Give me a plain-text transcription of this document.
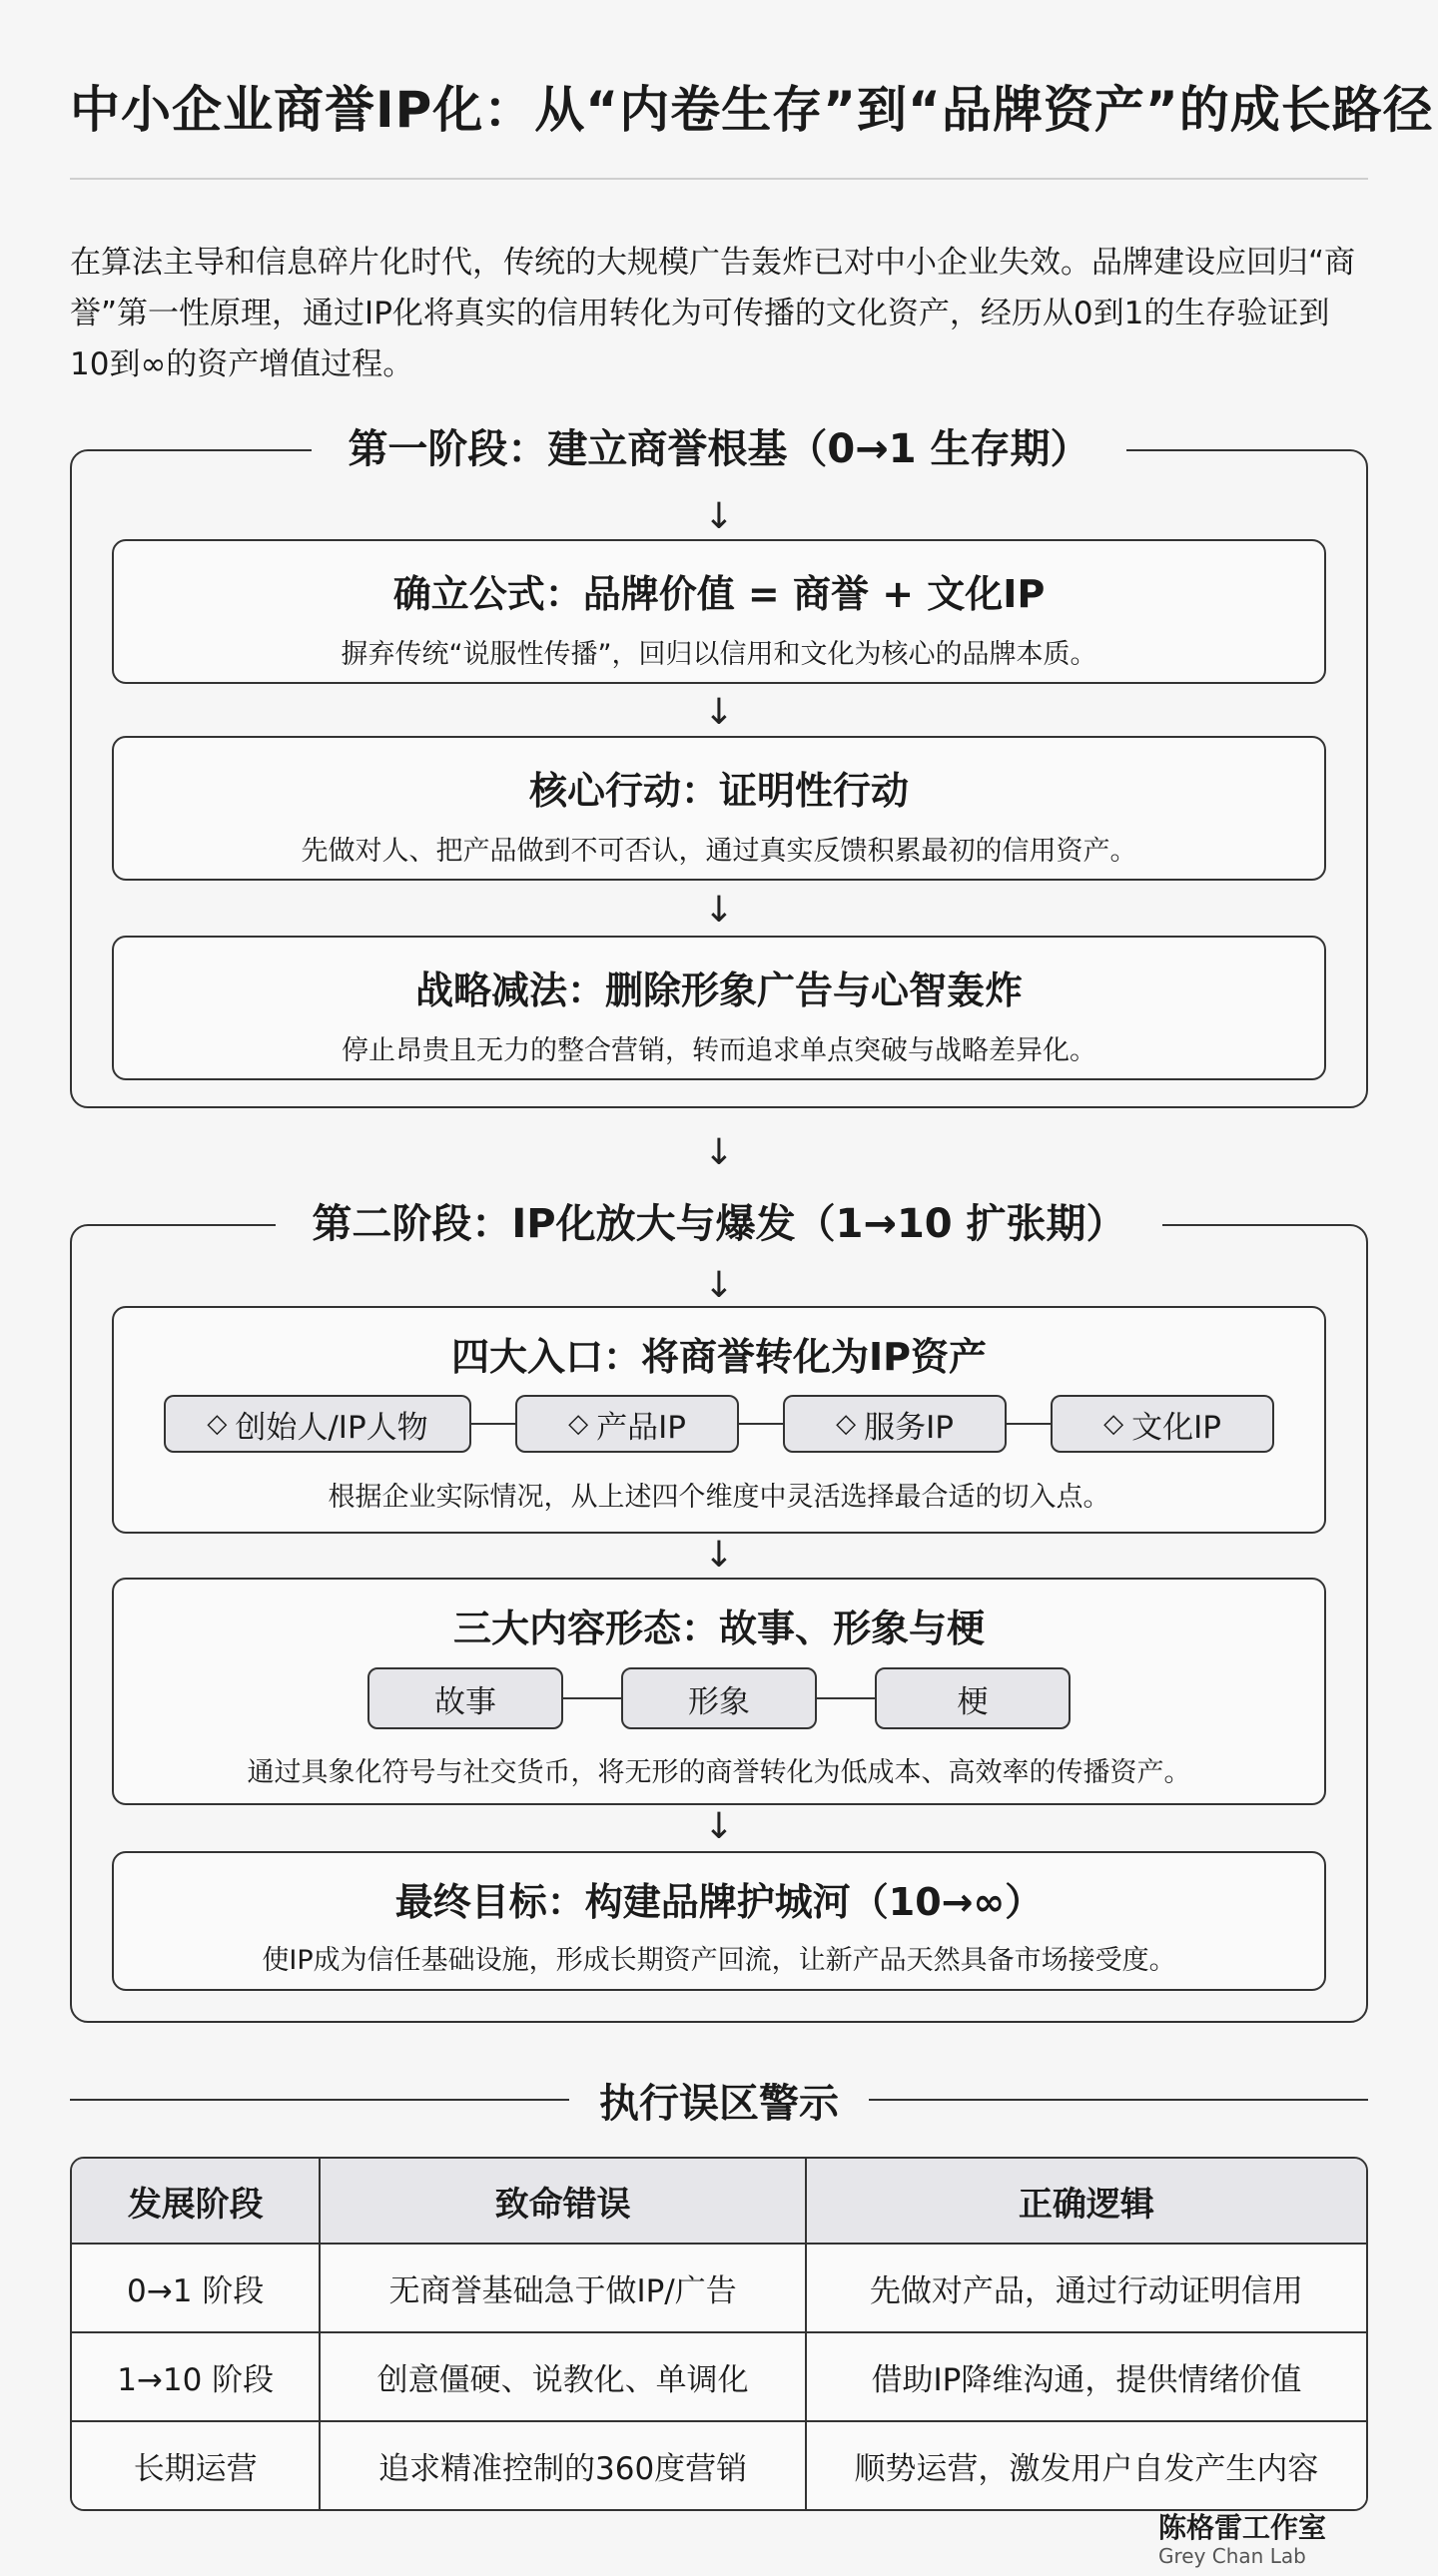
中小企业商誉IP化：从“内卷生存”到“品牌资产”的成长路径
在算法主导和信息碎片化时代，传统的大规模广告轰炸已对中小企业失效。品牌建设应回归“商誉”第一性原理，通过IP化将真实的信用转化为可传播的文化资产，经历从0到1的生存验证到10到∞的资产增值过程。
第一阶段：建立商誉根基（0→1 生存期）
↓
确立公式：品牌价值 = 商誉 + 文化IP
摒弃传统“说服性传播”，回归以信用和文化为核心的品牌本质。
↓
核心行动：证明性行动
先做对人、把产品做到不可否认，通过真实反馈积累最初的信用资产。
↓
战略减法：删除形象广告与心智轰炸
停止昂贵且无力的整合营销，转而追求单点突破与战略差异化。
↓
第二阶段：IP化放大与爆发（1→10 扩张期）
↓
四大入口：将商誉转化为IP资产
◇ 创始人/IP人物	◇ 产品IP	◇ 服务IP	◇ 文化IP
根据企业实际情况，从上述四个维度中灵活选择最合适的切入点。
↓
三大内容形态：故事、形象与梗
故事	形象	梗
通过具象化符号与社交货币，将无形的商誉转化为低成本、高效率的传播资产。
↓
最终目标：构建品牌护城河（10→∞）
使IP成为信任基础设施，形成长期资产回流，让新产品天然具备市场接受度。
执行误区警示
发展阶段	致命错误	正确逻辑
0→1 阶段	无商誉基础急于做IP/广告	先做对产品，通过行动证明信用
1→10 阶段	创意僵硬、说教化、单调化	借助IP降维沟通，提供情绪价值
长期运营	追求精准控制的360度营销	顺势运营，激发用户自发产生内容
陈格雷工作室
Grey Chan Lab
